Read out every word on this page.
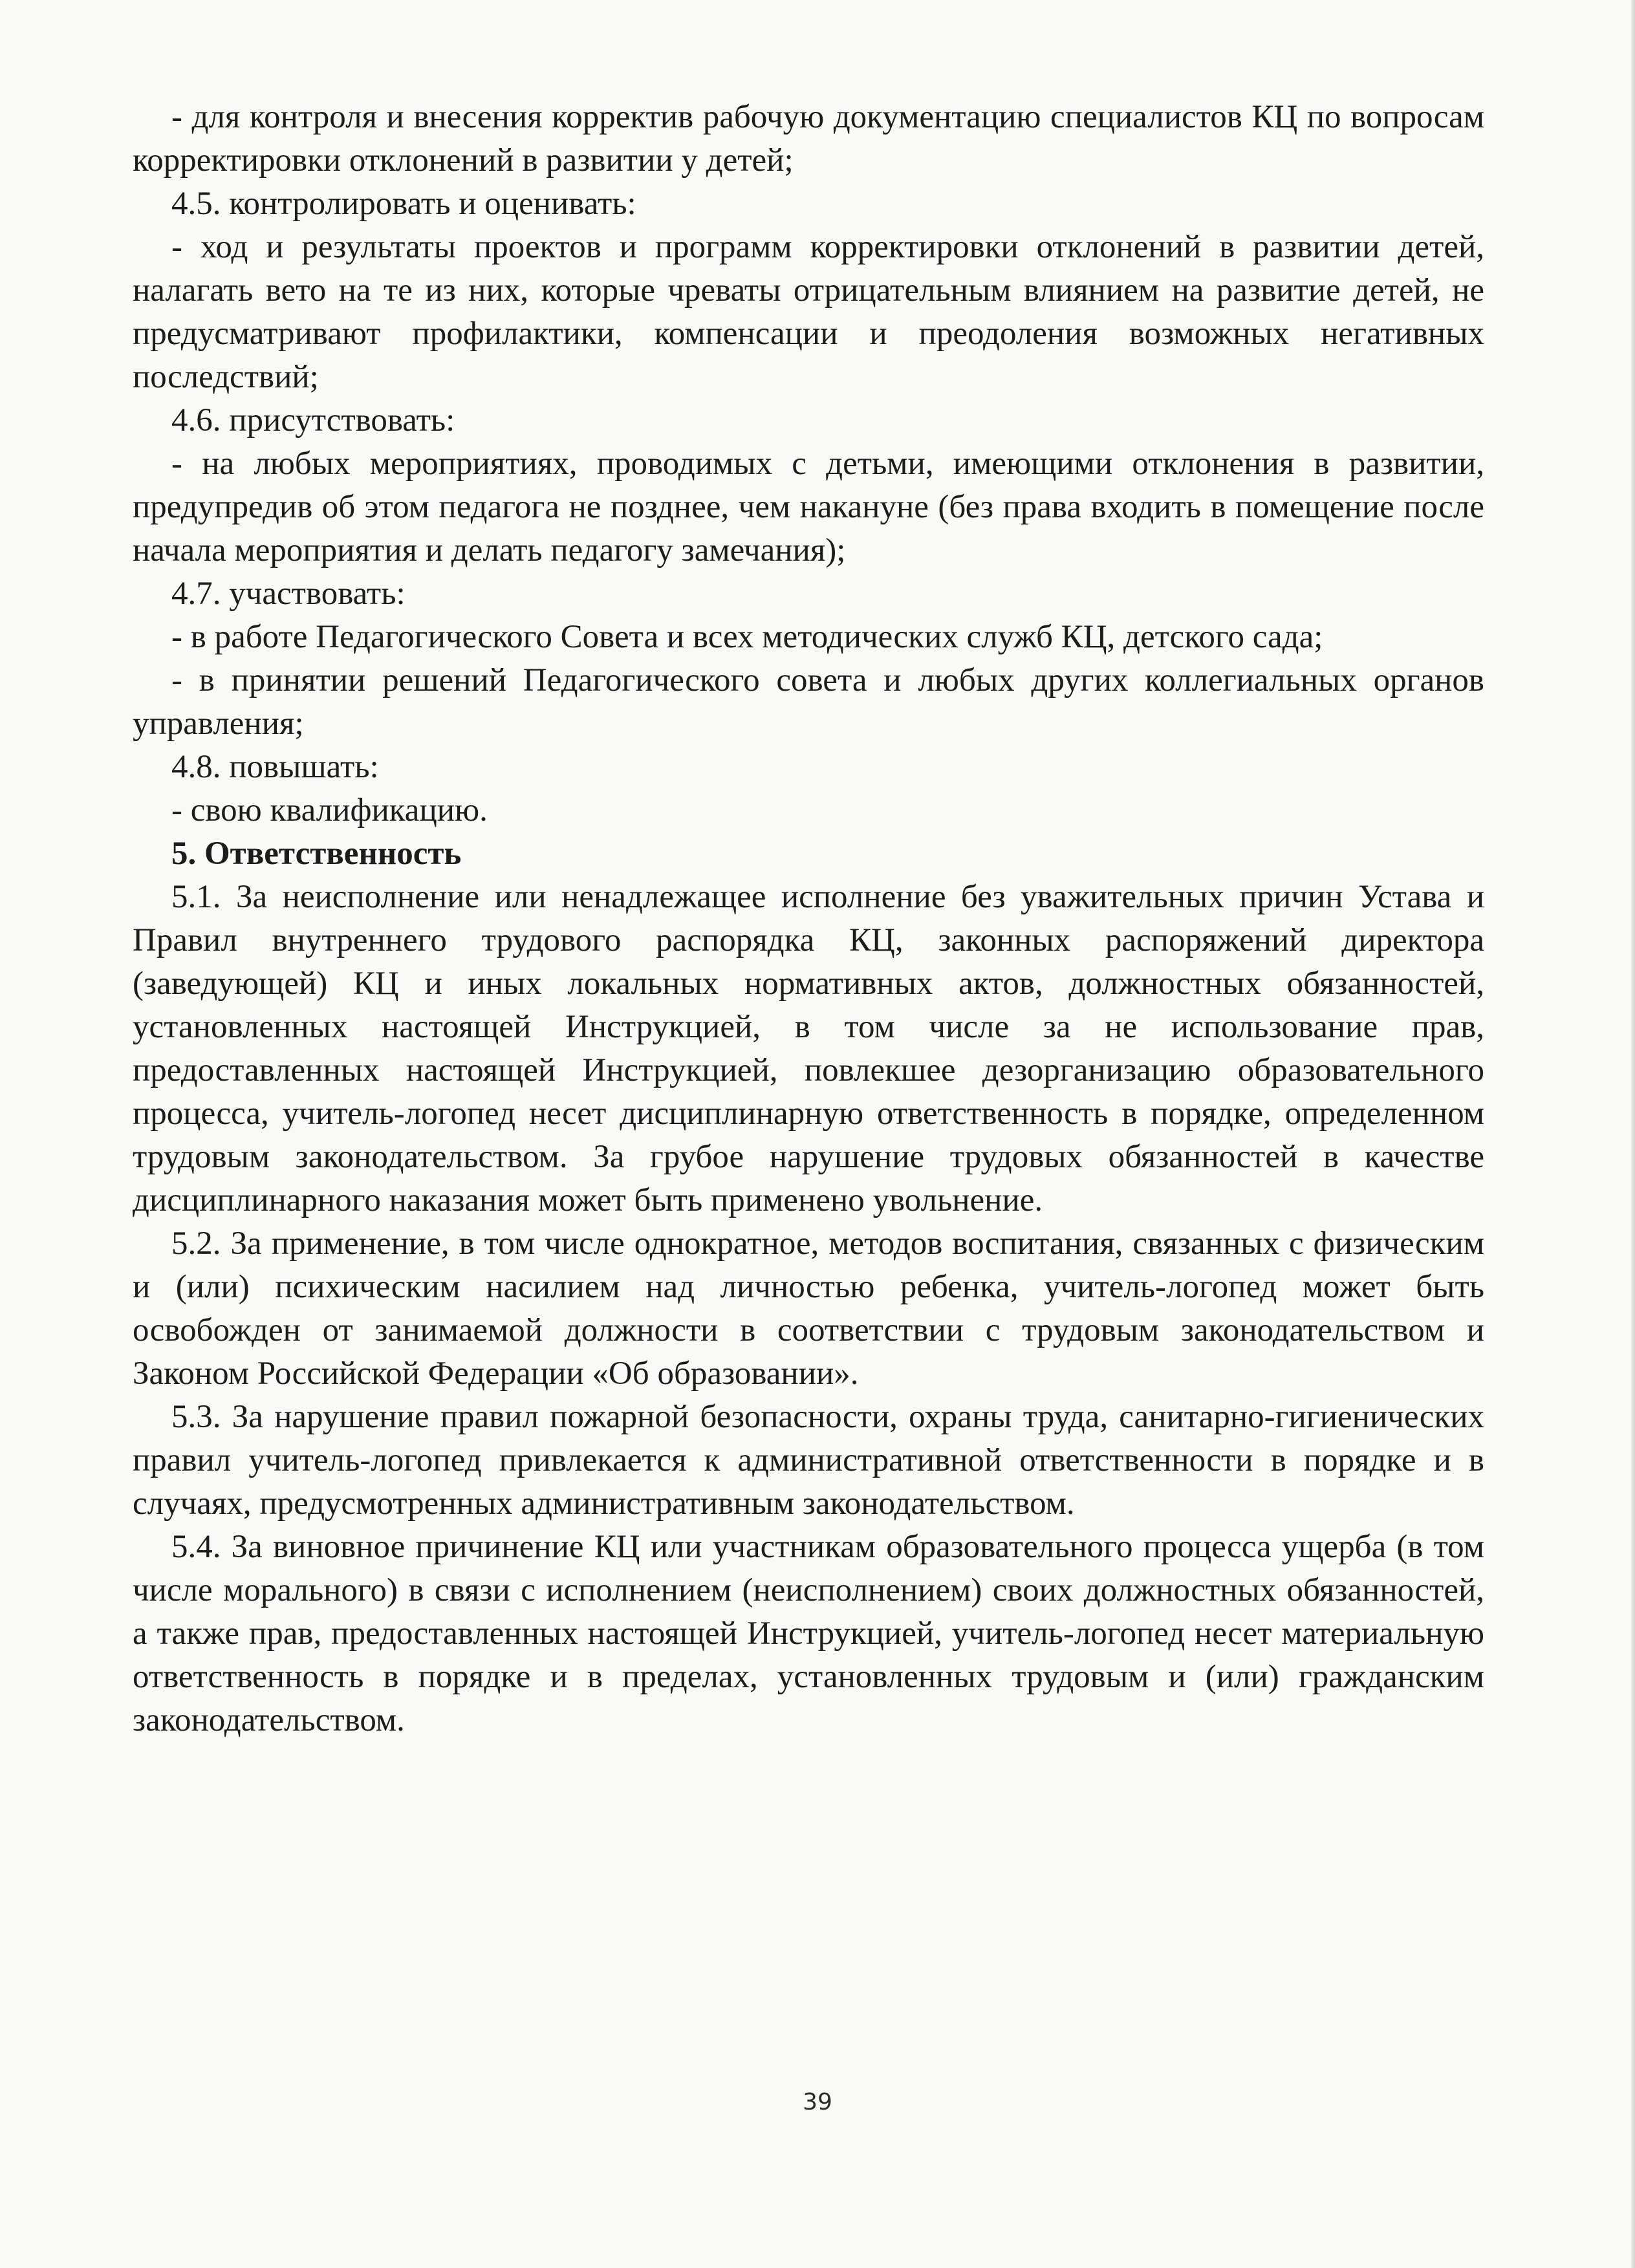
- для контроля и внесения корректив рабочую документацию специалистов КЦ по вопросам корректировки отклонений в развитии у детей;

4.5. контролировать и оценивать:

- ход и результаты проектов и программ корректировки отклонений в развитии детей, налагать вето на те из них, которые чреваты отрицательным влиянием на развитие детей, не предусматривают профилактики, компенсации и преодоления возможных негативных последствий;

4.6. присутствовать:

- на любых мероприятиях, проводимых с детьми, имеющими отклонения в развитии, предупредив об этом педагога не позднее, чем накануне (без права входить в помещение после начала мероприятия и делать педагогу замечания);

4.7. участвовать:

- в работе Педагогического Совета и всех методических служб КЦ, детского сада;

- в принятии решений Педагогического совета и любых других коллегиальных органов управления;

4.8. повышать:

- свою квалификацию.

5. Ответственность

5.1. За неисполнение или ненадлежащее исполнение без уважительных причин Устава и Правил внутреннего трудового распорядка КЦ, законных распоряжений директора (заведующей) КЦ и иных локальных нормативных актов, должностных обязанностей, установленных настоящей Инструкцией, в том числе за не использование прав, предоставленных настоящей Инструкцией, повлекшее дезорганизацию образовательного процесса, учитель-логопед несет дисциплинарную ответственность в порядке, определенном трудовым законодательством. За грубое нарушение трудовых обязанностей в качестве дисциплинарного наказания может быть применено увольнение.

5.2. За применение, в том числе однократное, методов воспитания, связанных с физическим и (или) психическим насилием над личностью ребенка, учитель-логопед может быть освобожден от занимаемой должности в соответствии с трудовым законодательством и Законом Российской Федерации «Об образовании».

5.3. За нарушение правил пожарной безопасности, охраны труда, санитарно-гигиенических правил учитель-логопед привлекается к административной ответственности в порядке и в случаях, предусмотренных административным законодательством.

5.4. За виновное причинение КЦ или участникам образовательного процесса ущерба (в том числе морального) в связи с исполнением (неисполнением) своих должностных обязанностей, а также прав, предоставленных настоящей Инструкцией, учитель-логопед несет материальную ответственность в порядке и в пределах, установленных трудовым и (или) гражданским законодательством.

39
